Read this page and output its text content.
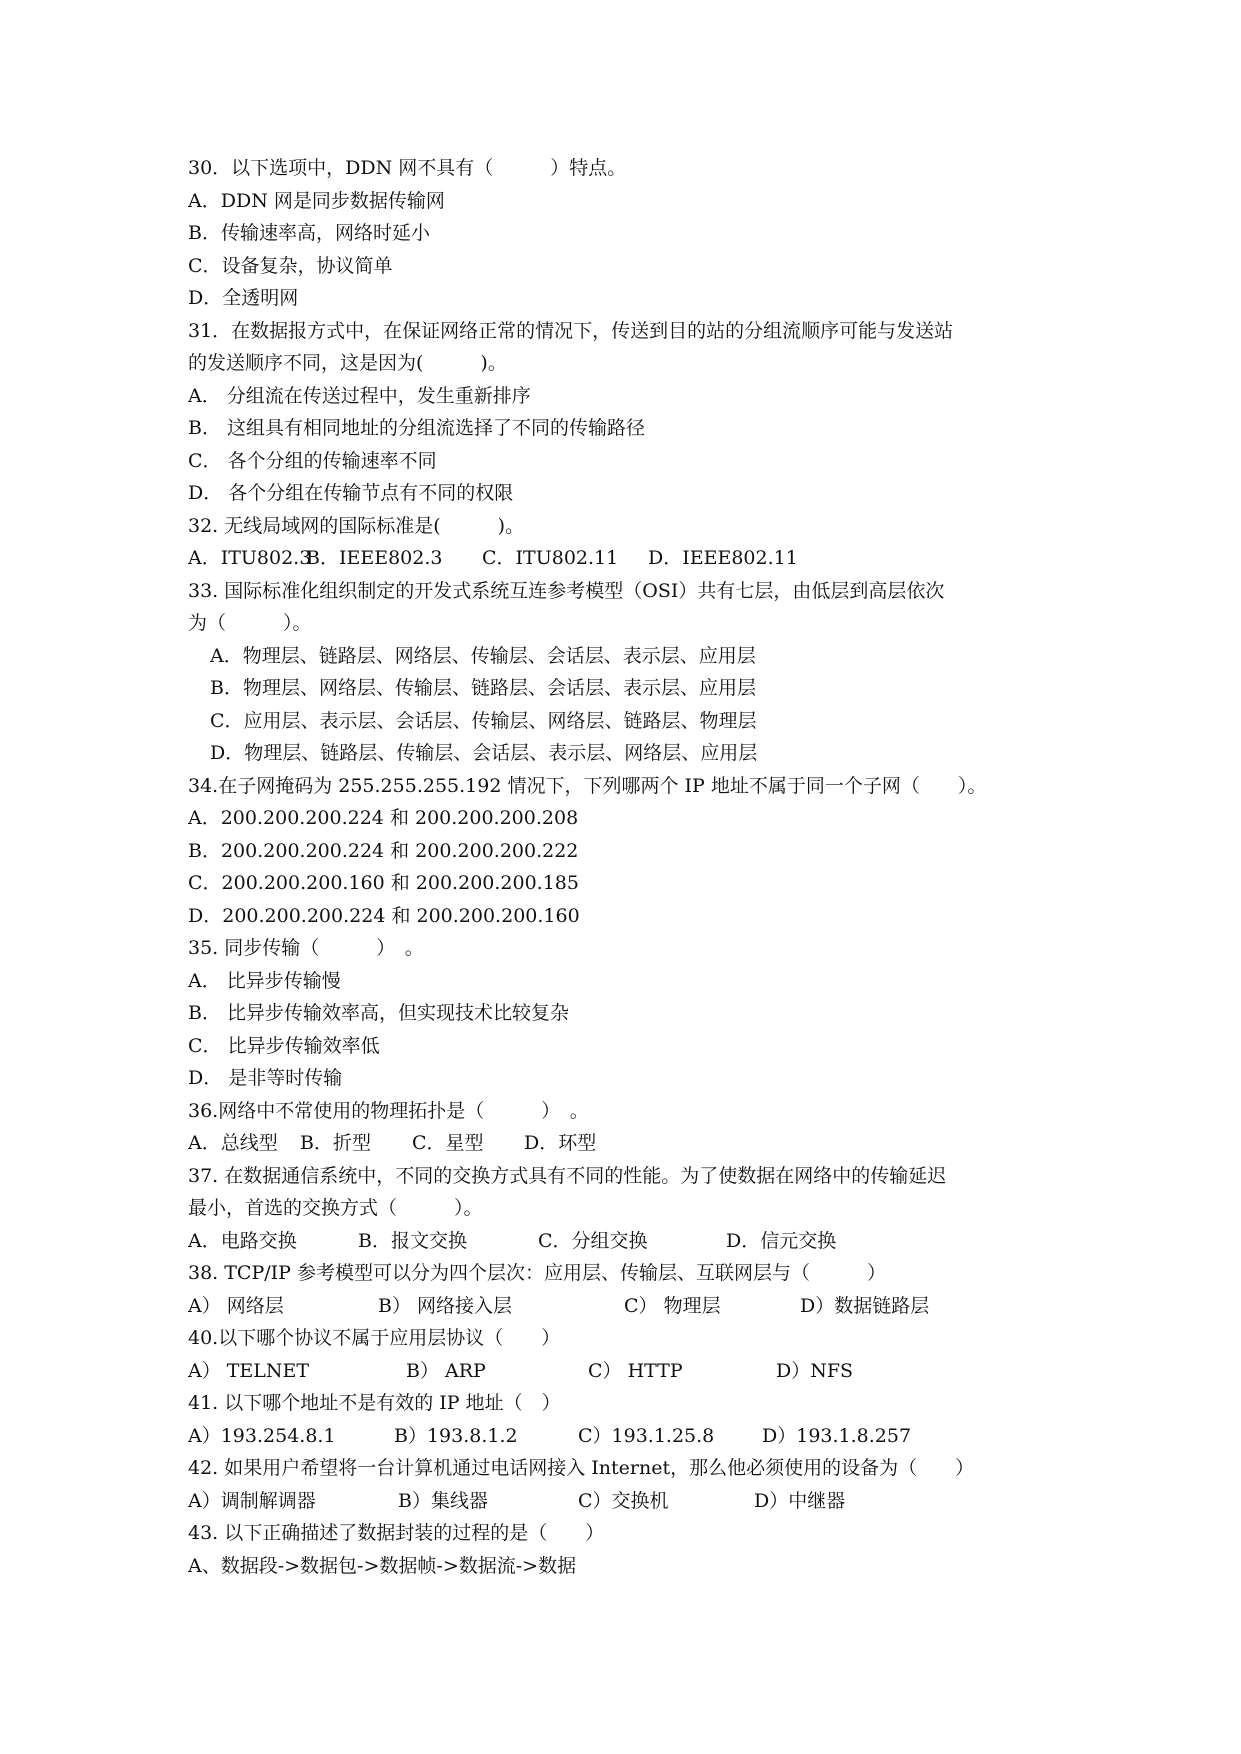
30．以下选项中，DDN 网不具有（　　　）特点。
A．DDN 网是同步数据传输网
B．传输速率高，网络时延小
C．设备复杂，协议简单
D．全透明网
31．在数据报方式中，在保证网络正常的情况下，传送到目的站的分组流顺序可能与发送站
的发送顺序不同，这是因为(　　　)。
A． 分组流在传送过程中，发生重新排序
B． 这组具有相同地址的分组流选择了不同的传输路径
C． 各个分组的传输速率不同
D． 各个分组在传输节点有不同的权限
32. 无线局域网的国际标准是(　　　)。
A．ITU802.3B．IEEE802.3 C．ITU802.11 D．IEEE802.11
33. 国际标准化组织制定的开发式系统互连参考模型（OSI）共有七层，由低层到高层依次
为（　　　）。
A．物理层、链路层、网络层、传输层、会话层、表示层、应用层
B．物理层、网络层、传输层、链路层、会话层、表示层、应用层
C．应用层、表示层、会话层、传输层、网络层、链路层、物理层
D．物理层、链路层、传输层、会话层、表示层、网络层、应用层
34.在子网掩码为 255.255.255.192 情况下，下列哪两个 IP 地址不属于同一个子网（　　）。
A．200.200.200.224 和 200.200.200.208
B．200.200.200.224 和 200.200.200.222
C．200.200.200.160 和 200.200.200.185
D．200.200.200.224 和 200.200.200.160
35. 同步传输（　　　）　。
A． 比异步传输慢
B． 比异步传输效率高，但实现技术比较复杂
C． 比异步传输效率低
D． 是非等时传输
36.网络中不常使用的物理拓扑是（　　　）　。
A．总线型 B．折型 C．星型 D．环型
37. 在数据通信系统中，不同的交换方式具有不同的性能。为了使数据在网络中的传输延迟
最小，首选的交换方式（　　　）。
A．电路交换	B．报文交换	C．分组交换	D．信元交换
38. TCP/IP 参考模型可以分为四个层次：应用层、传输层、互联网层与（　　　）
A） 网络层	B） 网络接入层	C） 物理层	D）数据链路层
40.以下哪个协议不属于应用层协议（　　）
A） TELNET	B） ARP	C） HTTP	D）NFS
41. 以下哪个地址不是有效的 IP 地址（　）
A）193.254.8.1	B）193.8.1.2	C）193.1.25.8	D）193.1.8.257
42. 如果用户希望将一台计算机通过电话网接入 Internet，那么他必须使用的设备为（　　）
A）调制解调器	B）集线器	C）交换机	D）中继器
43. 以下正确描述了数据封装的过程的是（　　）
A、数据段->数据包->数据帧->数据流->数据
